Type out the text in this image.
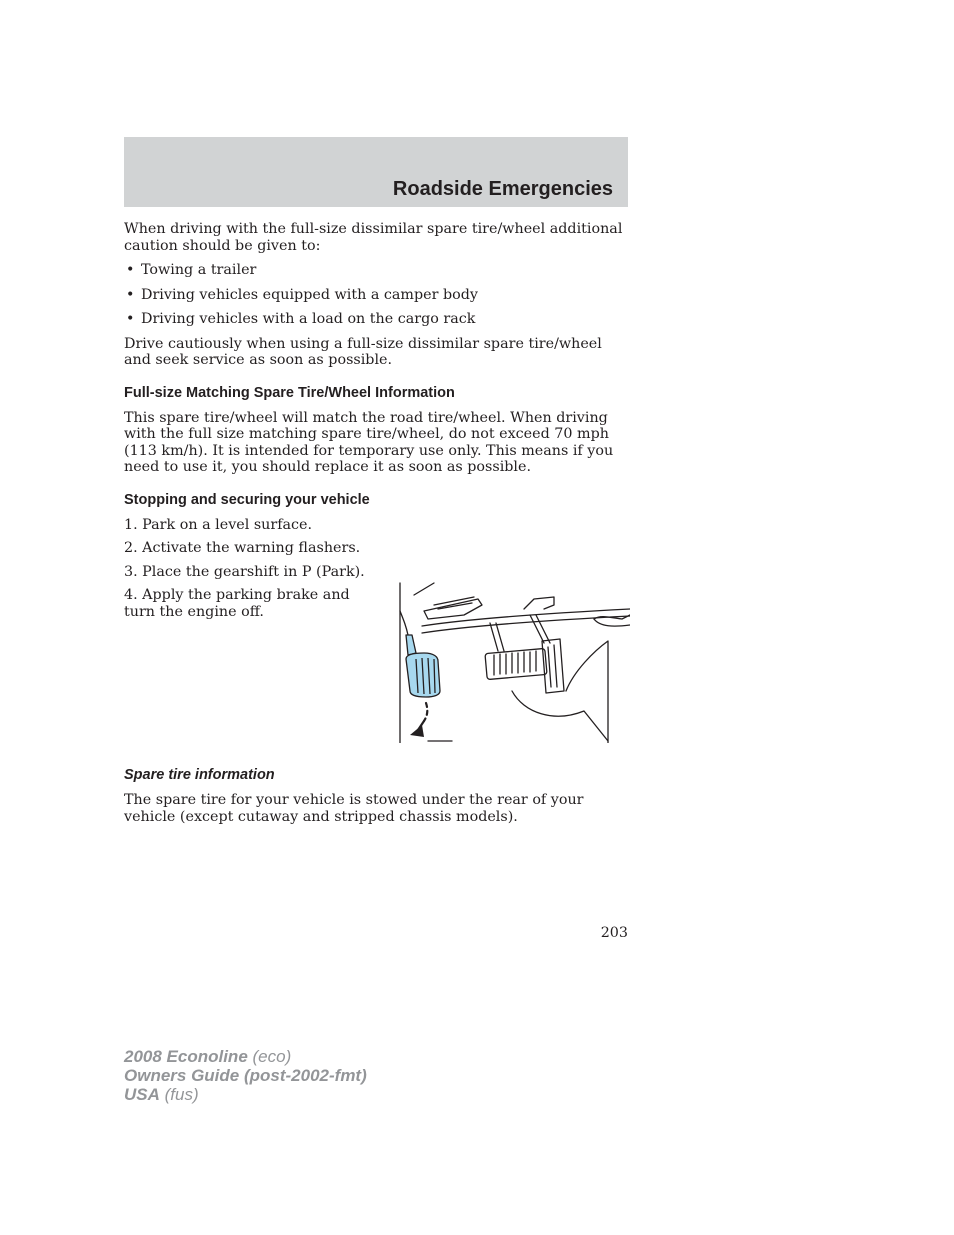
Roadside Emergencies

When driving with the full-size dissimilar spare tire/wheel additional caution should be given to:

• Towing a trailer
• Driving vehicles equipped with a camper body
• Driving vehicles with a load on the cargo rack

Drive cautiously when using a full-size dissimilar spare tire/wheel and seek service as soon as possible.

Full-size Matching Spare Tire/Wheel Information

This spare tire/wheel will match the road tire/wheel. When driving with the full size matching spare tire/wheel, do not exceed 70 mph (113 km/h). It is intended for temporary use only. This means if you need to use it, you should replace it as soon as possible.

Stopping and securing your vehicle
1. Park on a level surface.
2. Activate the warning flashers.
3. Place the gearshift in P (Park).
4. Apply the parking brake and turn the engine off.
Spare tire information

The spare tire for your vehicle is stowed under the rear of your vehicle (except cutaway and stripped chassis models).

203
2008 Econoline (eco)
Owners Guide (post-2002-fmt)
USA (fus)
